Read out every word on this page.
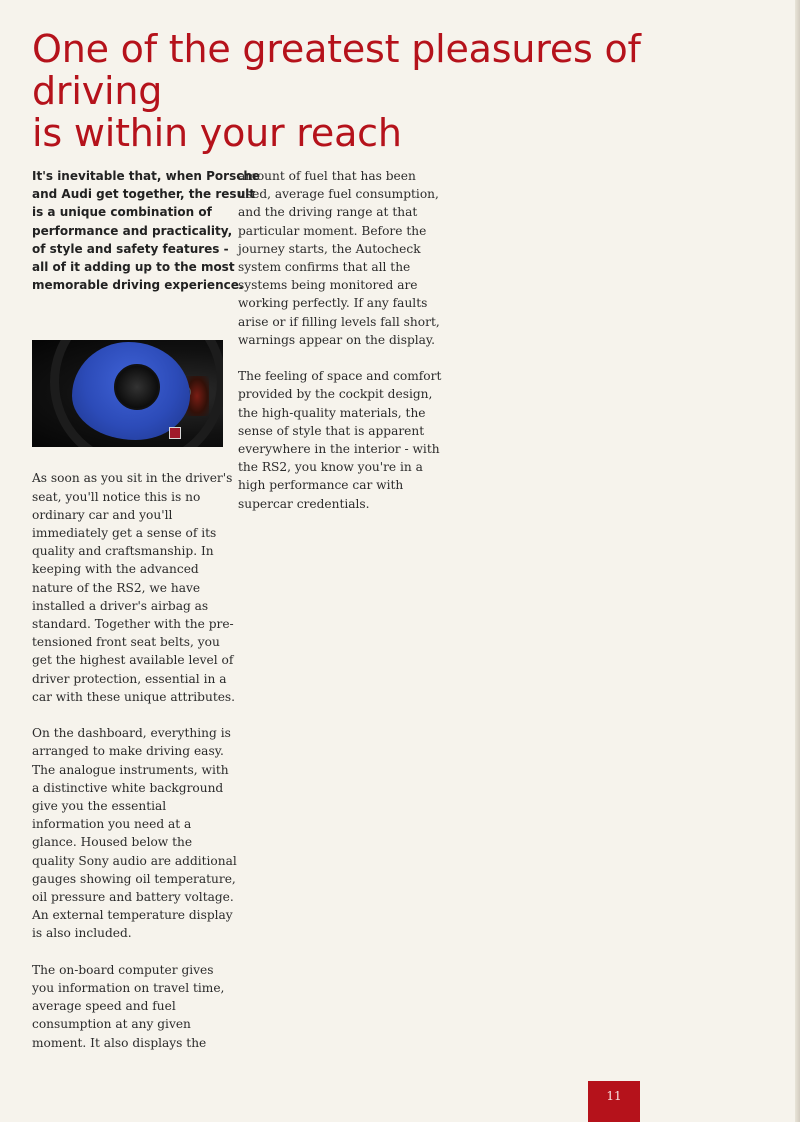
One of the greatest pleasures of driving
is within your reach

It's inevitable that, when Porsche
and Audi get together, the result
is a unique combination of
performance and practicality,
of style and safety features -
all of it adding up to the most
memorable driving experience.

As soon as you sit in the driver's
seat, you'll notice this is no
ordinary car and you'll
immediately get a sense of its
quality and craftsmanship. In
keeping with the advanced
nature of the RS2, we have
installed a driver's airbag as
standard. Together with the pre-
tensioned front seat belts, you
get the highest available level of
driver protection, essential in a
car with these unique attributes.

On the dashboard, everything is
arranged to make driving easy.
The analogue instruments, with
a distinctive white background
give you the essential
information you need at a
glance. Housed below the
quality Sony audio are additional
gauges showing oil temperature,
oil pressure and battery voltage.
An external temperature display
is also included.

The on-board computer gives
you information on travel time,
average speed and fuel
consumption at any given
moment. It also displays the

amount of fuel that has been
used, average fuel consumption,
and the driving range at that
particular moment. Before the
journey starts, the Autocheck
system confirms that all the
systems being monitored are
working perfectly. If any faults
arise or if filling levels fall short,
warnings appear on the display.

The feeling of space and comfort
provided by the cockpit design,
the high-quality materials, the
sense of style that is apparent
everywhere in the interior - with
the RS2, you know you're in a
high performance car with
supercar credentials.

11
